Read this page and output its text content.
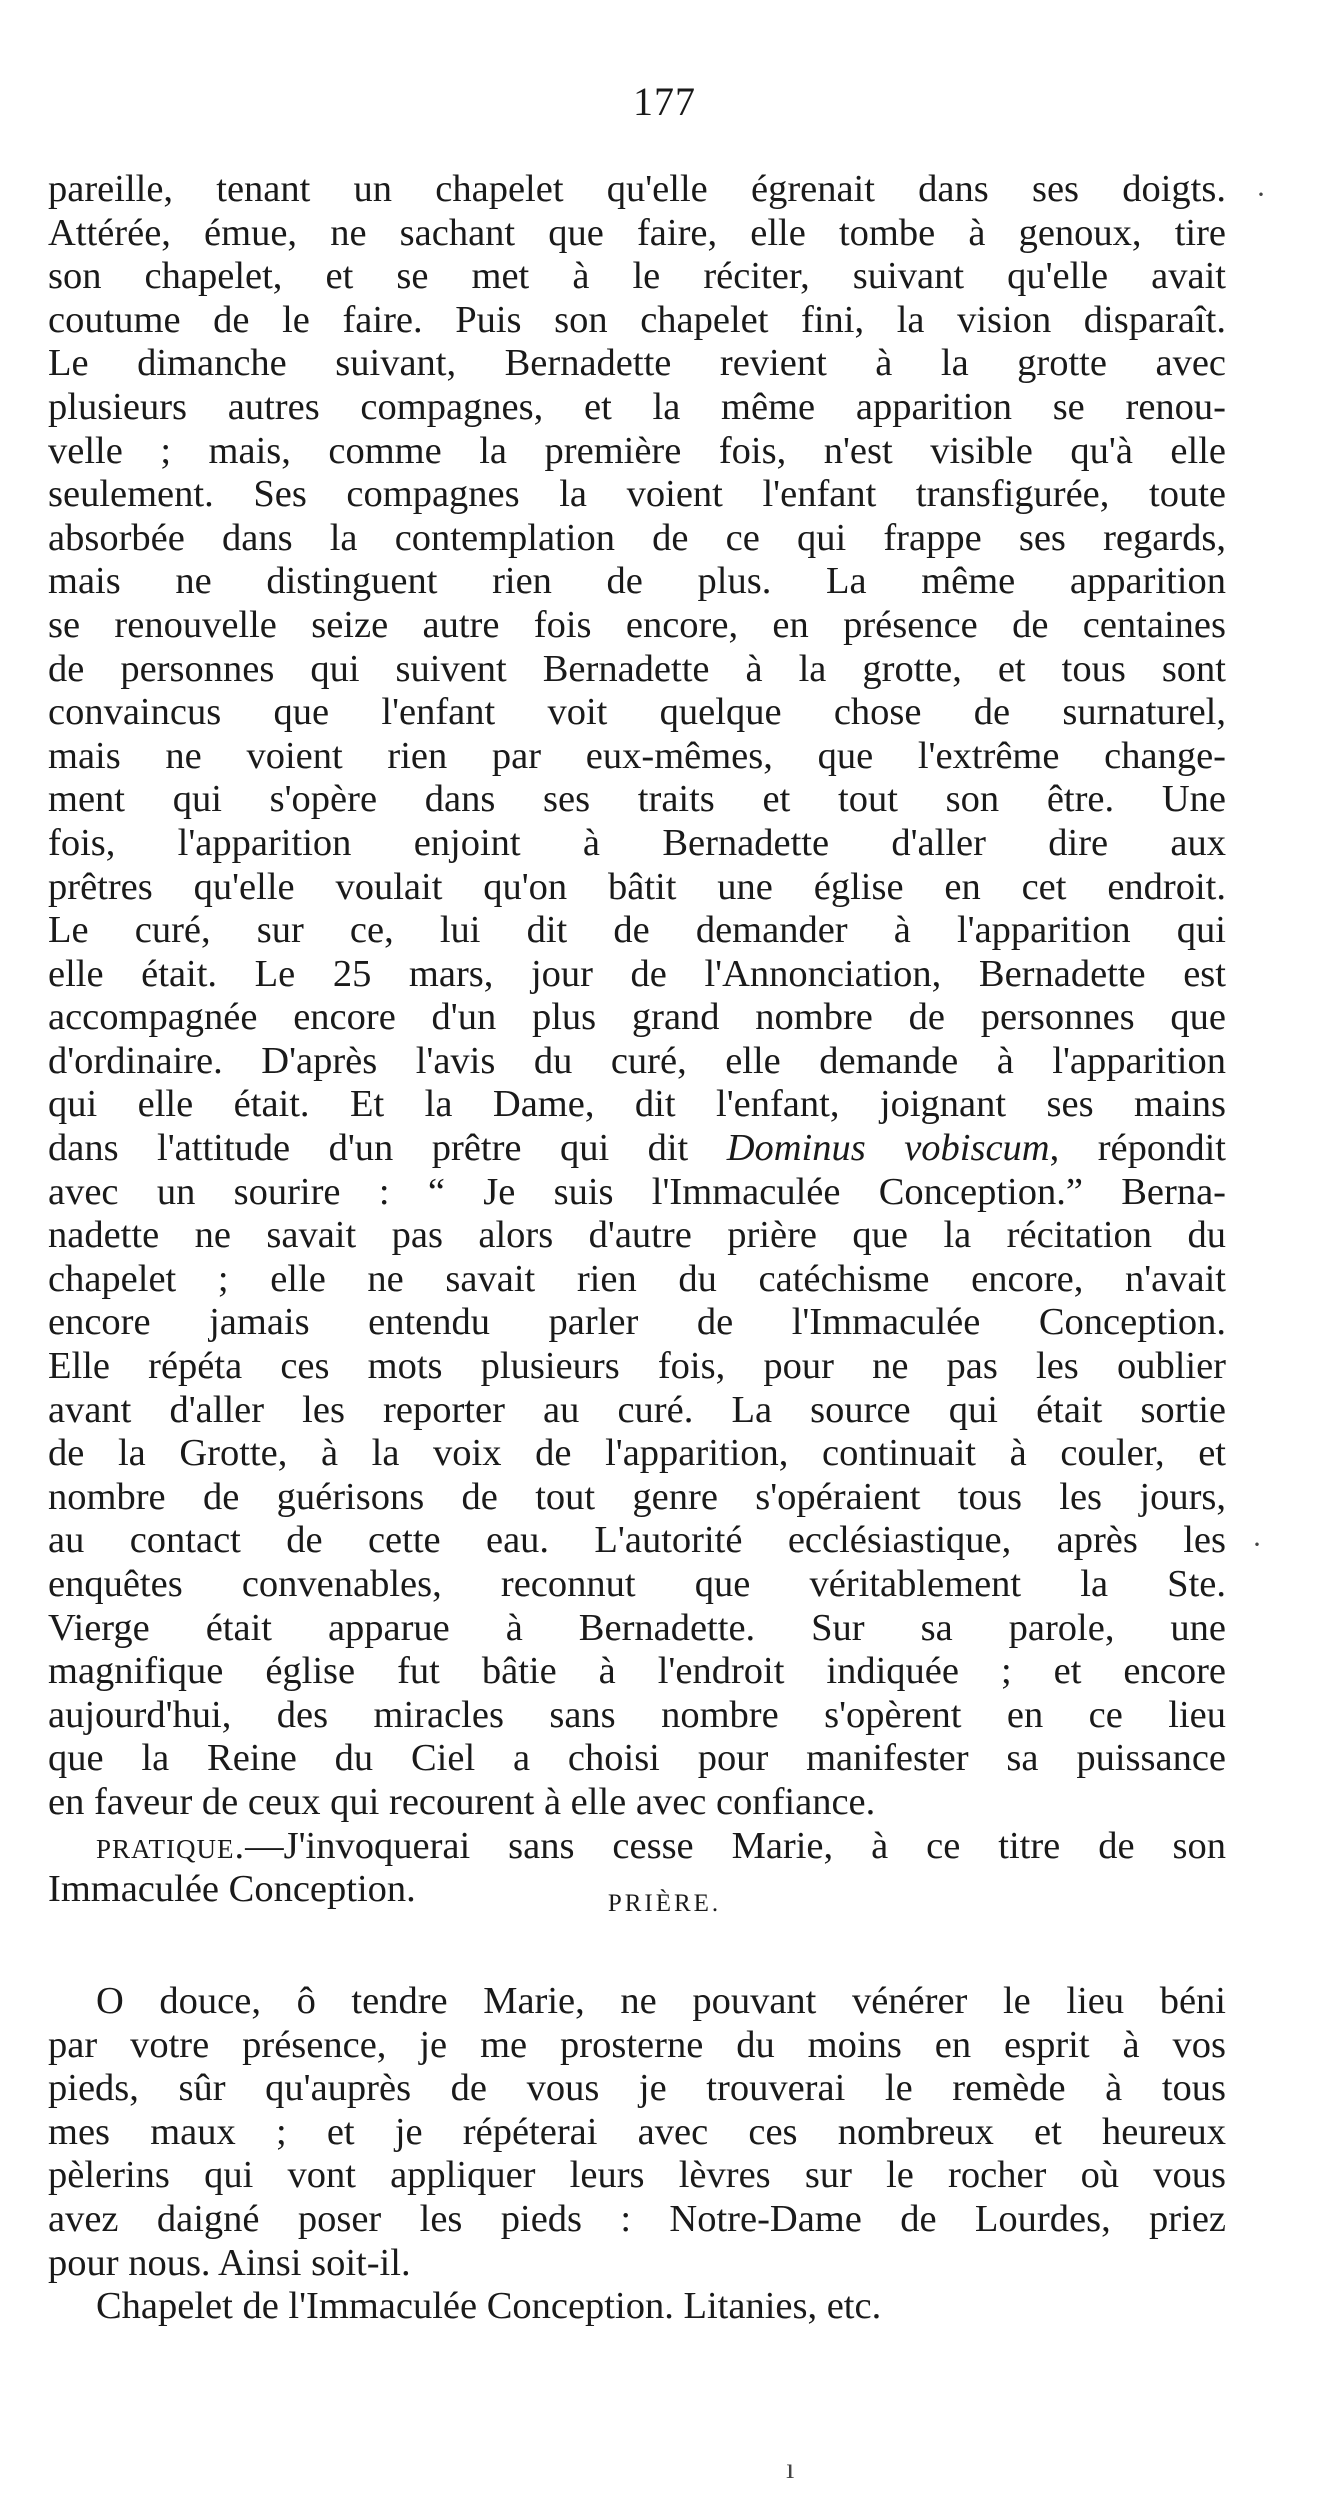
177
pareille, tenant un chapelet qu'elle égrenait dans ses doigts.
Attérée, émue, ne sachant que faire, elle tombe à genoux, tire
son chapelet, et se met à le réciter, suivant qu'elle avait
coutume de le faire. Puis son chapelet fini, la vision disparaît.
Le dimanche suivant, Bernadette revient à la grotte avec
plusieurs autres compagnes, et la même apparition se renou-
velle ; mais, comme la première fois, n'est visible qu'à elle
seulement. Ses compagnes la voient l'enfant transfigurée, toute
absorbée dans la contemplation de ce qui frappe ses regards,
mais ne distinguent rien de plus. La même apparition
se renouvelle seize autre fois encore, en présence de centaines
de personnes qui suivent Bernadette à la grotte, et tous sont
convaincus que l'enfant voit quelque chose de surnaturel,
mais ne voient rien par eux-mêmes, que l'extrême change-
ment qui s'opère dans ses traits et tout son être. Une
fois, l'apparition enjoint à Bernadette d'aller dire aux
prêtres qu'elle voulait qu'on bâtit une église en cet endroit.
Le curé, sur ce, lui dit de demander à l'apparition qui
elle était. Le 25 mars, jour de l'Annonciation, Bernadette est
accompagnée encore d'un plus grand nombre de personnes que
d'ordinaire. D'après l'avis du curé, elle demande à l'apparition
qui elle était. Et la Dame, dit l'enfant, joignant ses mains
dans l'attitude d'un prêtre qui dit Dominus vobiscum, répondit
avec un sourire : “ Je suis l'Immaculée Conception.” Berna-
nadette ne savait pas alors d'autre prière que la récitation du
chapelet ; elle ne savait rien du catéchisme encore, n'avait
encore jamais entendu parler de l'Immaculée Conception.
Elle répéta ces mots plusieurs fois, pour ne pas les oublier
avant d'aller les reporter au curé. La source qui était sortie
de la Grotte, à la voix de l'apparition, continuait à couler, et
nombre de guérisons de tout genre s'opéraient tous les jours,
au contact de cette eau. L'autorité ecclésiastique, après les
enquêtes convenables, reconnut que véritablement la Ste.
Vierge était apparue à Bernadette. Sur sa parole, une
magnifique église fut bâtie à l'endroit indiquée ; et encore
aujourd'hui, des miracles sans nombre s'opèrent en ce lieu
que la Reine du Ciel a choisi pour manifester sa puissance
en faveur de ceux qui recourent à elle avec confiance.
pratique.—J'invoquerai sans cesse Marie, à ce titre de son
Immaculée Conception.	PRIÈRE.
O douce, ô tendre Marie, ne pouvant vénérer le lieu béni
par votre présence, je me prosterne du moins en esprit à vos
pieds, sûr qu'auprès de vous je trouverai le remède à tous
mes maux ; et je répéterai avec ces nombreux et heureux
pèlerins qui vont appliquer leurs lèvres sur le rocher où vous
avez daigné poser les pieds : Notre-Dame de Lourdes, priez
pour nous. Ainsi soit-il.
Chapelet de l'Immaculée Conception. Litanies, etc.
·
·
ı
